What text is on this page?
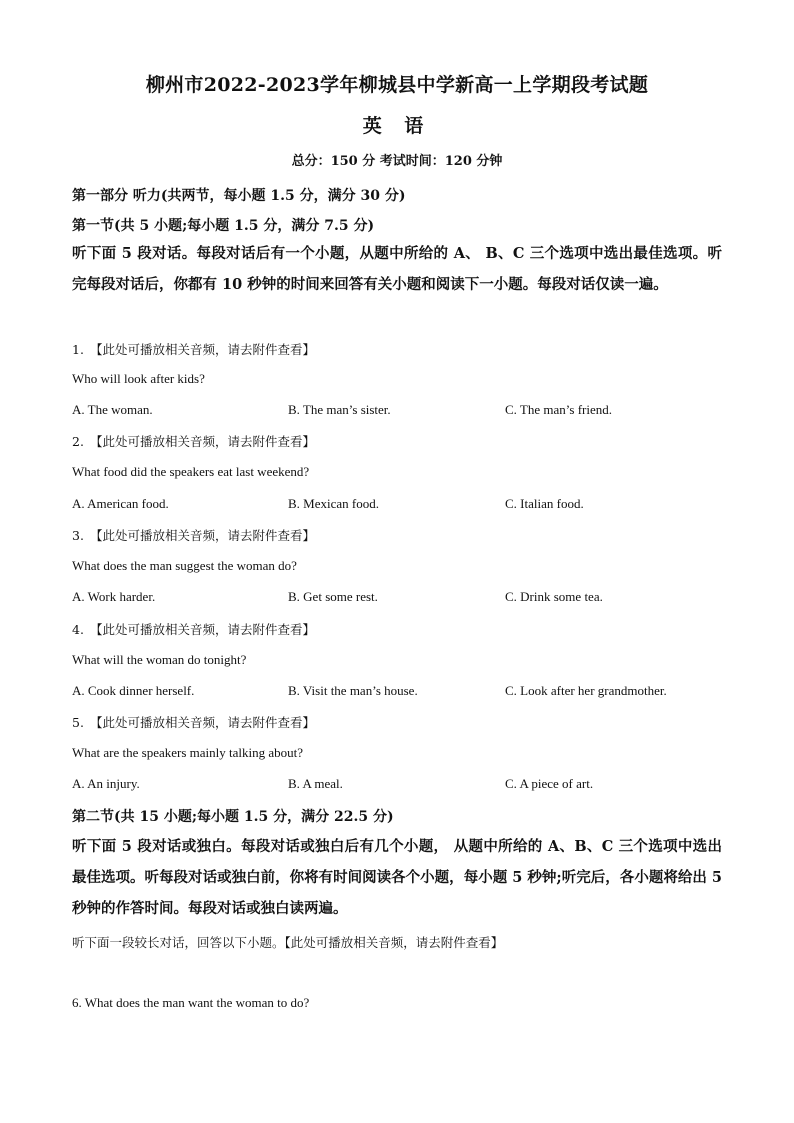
柳州市2022-2023学年柳城县中学新高一上学期段考试题
英 语
总分：150 分 考试时间：120 分钟
第一部分 听力(共两节，每小题 1.5 分，满分 30 分)
第一节(共 5 小题;每小题 1.5 分，满分 7.5 分)
听下面 5 段对话。每段对话后有一个小题，从题中所给的 A、 B、C 三个选项中选出最佳选项。听完每段对话后，你都有 10 秒钟的时间来回答有关小题和阅读下一小题。每段对话仅读一遍。
1. 【此处可播放相关音频，请去附件查看】
Who will look after kids?
A. The woman.	B. The man’s sister.	C. The man’s friend.
2. 【此处可播放相关音频，请去附件查看】
What food did the speakers eat last weekend?
A. American food.	B. Mexican food.	C. Italian food.
3. 【此处可播放相关音频，请去附件查看】
What does the man suggest the woman do?
A. Work harder.	B. Get some rest.	C. Drink some tea.
4. 【此处可播放相关音频，请去附件查看】
What will the woman do tonight?
A. Cook dinner herself.	B. Visit the man’s house.	C. Look after her grandmother.
5. 【此处可播放相关音频，请去附件查看】
What are the speakers mainly talking about?
A. An injury.	B. A meal.	C. A piece of art.
第二节(共 15 小题;每小题 1.5 分，满分 22.5 分)
听下面 5 段对话或独白。每段对话或独白后有几个小题， 从题中所给的 A、B、C 三个选项中选出最佳选项。听每段对话或独白前，你将有时间阅读各个小题，每小题 5 秒钟;听完后，各小题将给出 5 秒钟的作答时间。每段对话或独白读两遍。
听下面一段较长对话，回答以下小题。【此处可播放相关音频，请去附件查看】
6. What does the man want the woman to do?
